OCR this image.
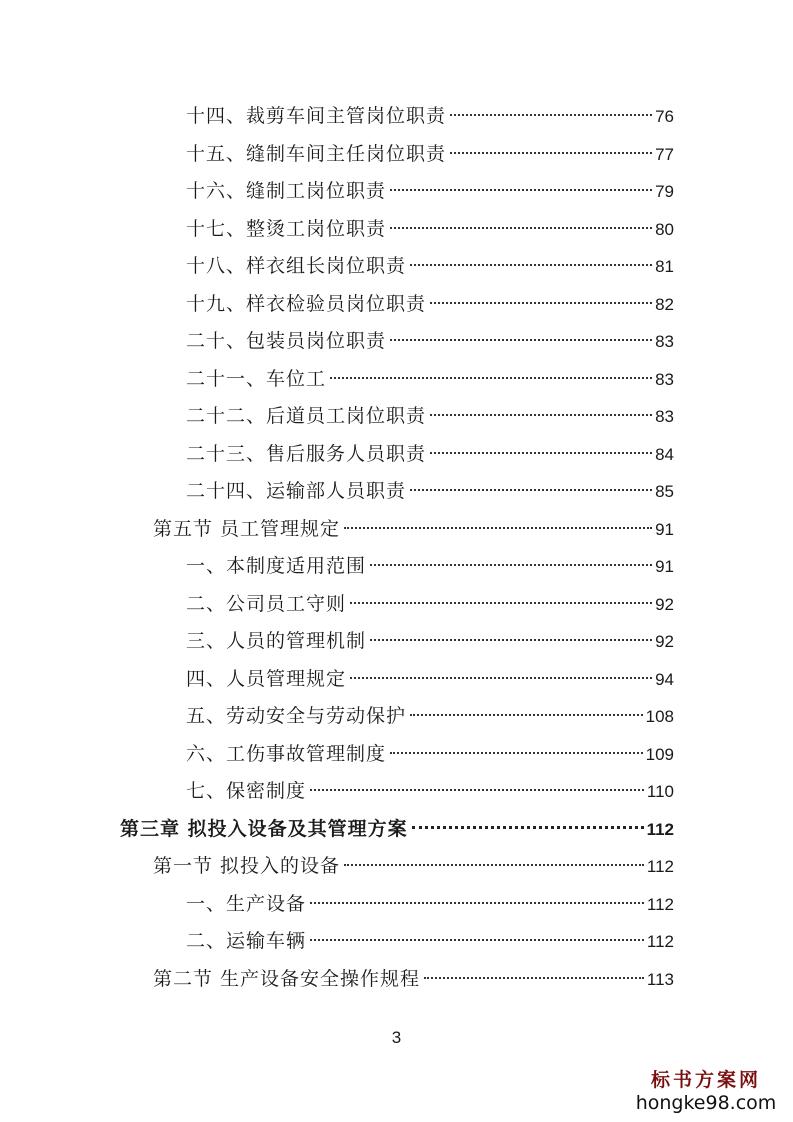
十四、裁剪车间主管岗位职责	76
十五、缝制车间主任岗位职责	77
十六、缝制工岗位职责	79
十七、整烫工岗位职责	80
十八、样衣组长岗位职责	81
十九、样衣检验员岗位职责	82
二十、包装员岗位职责	83
二十一、车位工	83
二十二、后道员工岗位职责	83
二十三、售后服务人员职责	84
二十四、运输部人员职责	85
第五节 员工管理规定	91
一、本制度适用范围	91
二、公司员工守则	92
三、人员的管理机制	92
四、人员管理规定	94
五、劳动安全与劳动保护	108
六、工伤事故管理制度	109
七、保密制度	110
第三章 拟投入设备及其管理方案	112
第一节 拟投入的设备	112
一、生产设备	112
二、运输车辆	112
第二节 生产设备安全操作规程	113
3
标书方案网
hongke98.com
